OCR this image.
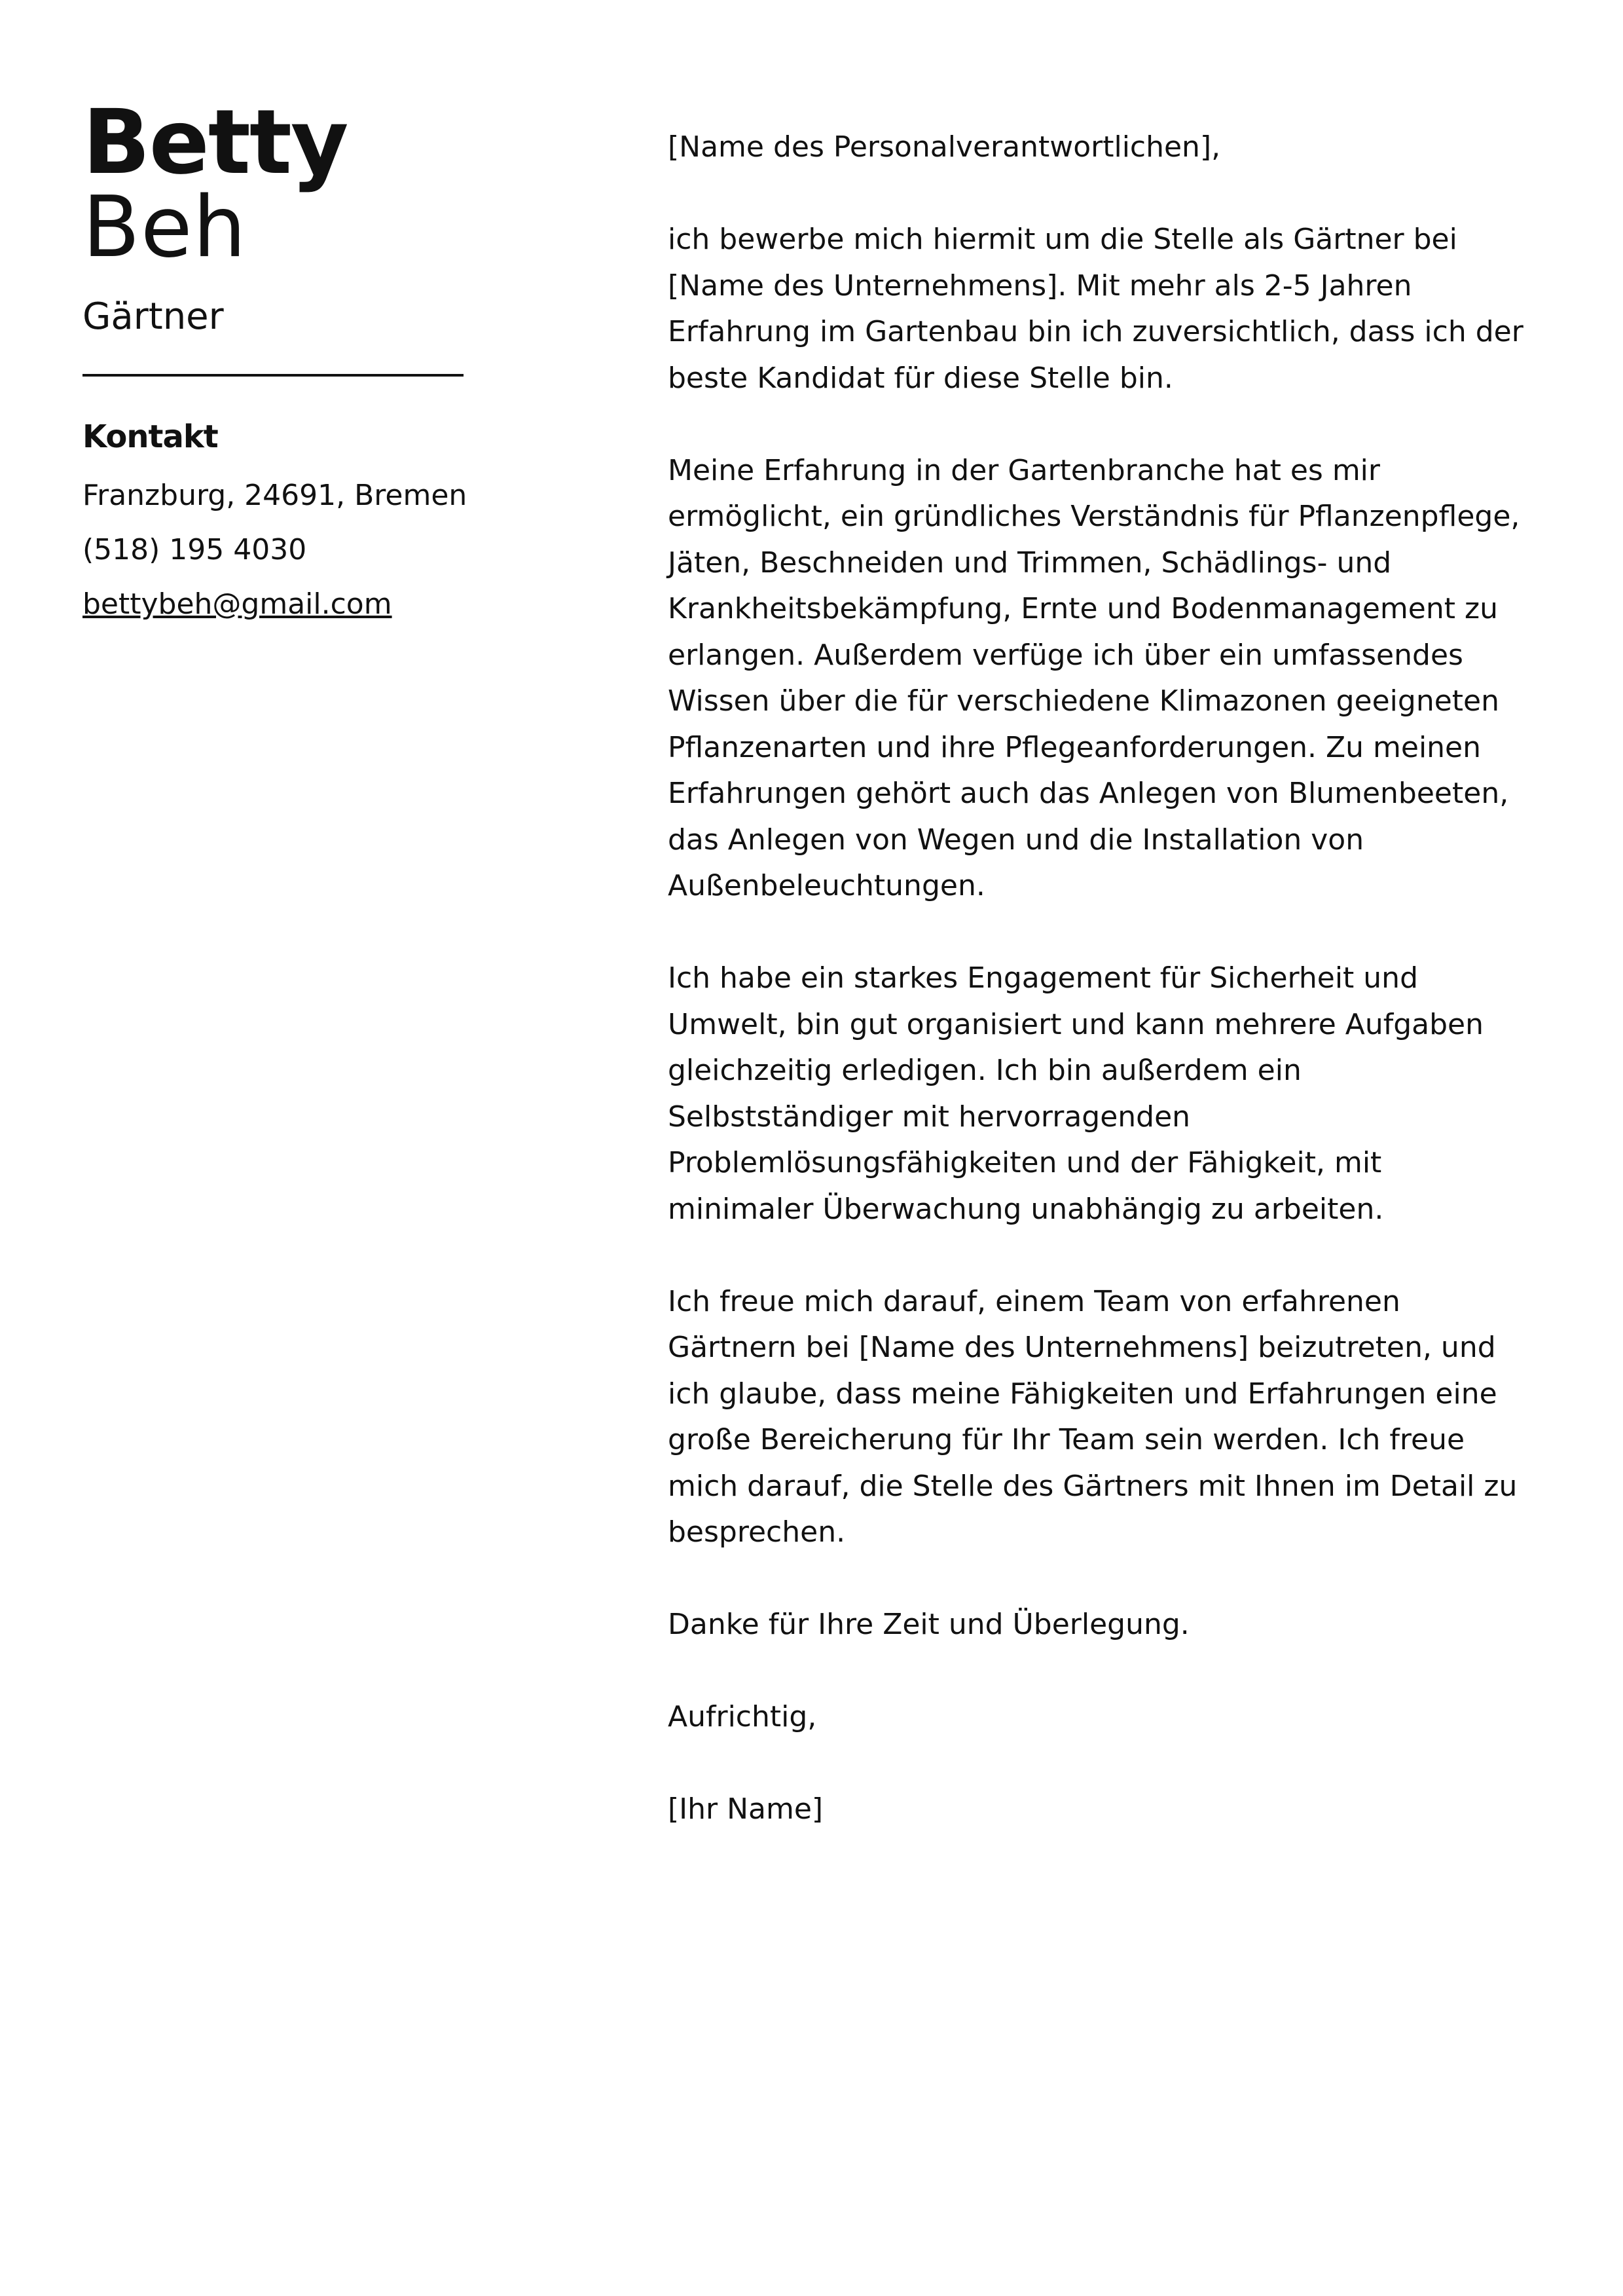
Betty
Beh
Gärtner
Kontakt
Franzburg, 24691, Bremen
(518) 195 4030
bettybeh@gmail.com

[Name des Personalverantwortlichen],

ich bewerbe mich hiermit um die Stelle als Gärtner bei [Name des Unternehmens]. Mit mehr als 2-5 Jahren Erfahrung im Gartenbau bin ich zuversichtlich, dass ich der beste Kandidat für diese Stelle bin.

Meine Erfahrung in der Gartenbranche hat es mir ermöglicht, ein gründliches Verständnis für Pflanzenpflege, Jäten, Beschneiden und Trimmen, Schädlings- und Krankheitsbekämpfung, Ernte und Bodenmanagement zu erlangen. Außerdem verfüge ich über ein umfassendes Wissen über die für verschiedene Klimazonen geeigneten Pflanzenarten und ihre Pflegeanforderungen. Zu meinen Erfahrungen gehört auch das Anlegen von Blumenbeeten, das Anlegen von Wegen und die Installation von Außenbeleuchtungen.

Ich habe ein starkes Engagement für Sicherheit und Umwelt, bin gut organisiert und kann mehrere Aufgaben gleichzeitig erledigen. Ich bin außerdem ein Selbstständiger mit hervorragenden Problemlösungsfähigkeiten und der Fähigkeit, mit minimaler Überwachung unabhängig zu arbeiten.

Ich freue mich darauf, einem Team von erfahrenen Gärtnern bei [Name des Unternehmens] beizutreten, und ich glaube, dass meine Fähigkeiten und Erfahrungen eine große Bereicherung für Ihr Team sein werden. Ich freue mich darauf, die Stelle des Gärtners mit Ihnen im Detail zu besprechen.

Danke für Ihre Zeit und Überlegung.

Aufrichtig,

[Ihr Name]
